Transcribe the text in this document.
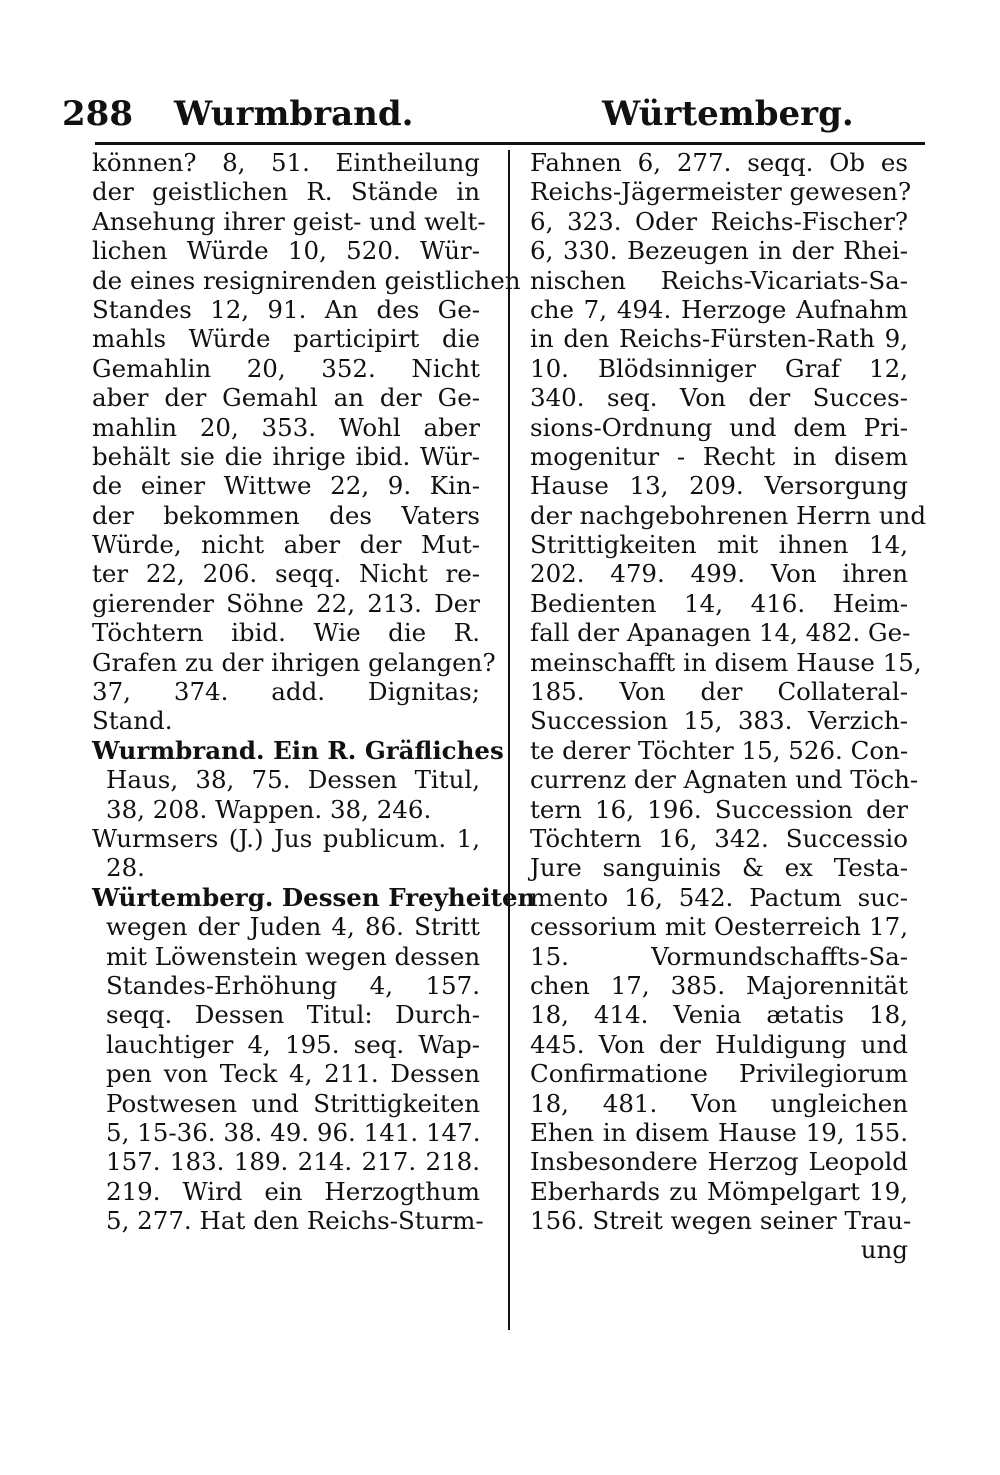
288 Wurmbrand.	Würtemberg.
können? 8, 51. Eintheilung
der geistlichen R. Stände in
Ansehung ihrer geist- und welt-
lichen Würde 10, 520. Wür-
de eines resignirenden geistlichen
Standes 12, 91. An des Ge-
mahls Würde participirt die
Gemahlin 20, 352. Nicht
aber der Gemahl an der Ge-
mahlin 20, 353. Wohl aber
behält sie die ihrige ibid. Wür-
de einer Wittwe 22, 9. Kin-
der bekommen des Vaters
Würde, nicht aber der Mut-
ter 22, 206. seqq. Nicht re-
gierender Söhne 22, 213. Der
Töchtern ibid. Wie die R.
Grafen zu der ihrigen gelangen?
37, 374. add. Dignitas;
Stand.
Wurmbrand. Ein R. Gräfliches
Haus, 38, 75. Dessen Titul,
38, 208. Wappen. 38, 246.
Wurmsers (J.) Jus publicum. 1,
28.
Würtemberg. Dessen Freyheiten
wegen der Juden 4, 86. Stritt
mit Löwenstein wegen dessen
Standes-Erhöhung 4, 157.
seqq. Dessen Titul: Durch-
lauchtiger 4, 195. seq. Wap-
pen von Teck 4, 211. Dessen
Postwesen und Strittigkeiten
5, 15-36. 38. 49. 96. 141. 147.
157. 183. 189. 214. 217. 218.
219. Wird ein Herzogthum
5, 277. Hat den Reichs-Sturm-
Fahnen 6, 277. seqq. Ob es
Reichs-Jägermeister gewesen?
6, 323. Oder Reichs-Fischer?
6, 330. Bezeugen in der Rhei-
nischen Reichs-Vicariats-Sa-
che 7, 494. Herzoge Aufnahm
in den Reichs-Fürsten-Rath 9,
10. Blödsinniger Graf 12,
340. seq. Von der Succes-
sions-Ordnung und dem Pri-
mogenitur - Recht in disem
Hause 13, 209. Versorgung
der nachgebohrenen Herrn und
Strittigkeiten mit ihnen 14,
202. 479. 499. Von ihren
Bedienten 14, 416. Heim-
fall der Apanagen 14, 482. Ge-
meinschafft in disem Hause 15,
185. Von der Collateral-
Succession 15, 383. Verzich-
te derer Töchter 15, 526. Con-
currenz der Agnaten und Töch-
tern 16, 196. Succession der
Töchtern 16, 342. Successio
Jure sanguinis & ex Testa-
mento 16, 542. Pactum suc-
cessorium mit Oesterreich 17,
15. Vormundschaffts-Sa-
chen 17, 385. Majorennität
18, 414. Venia ætatis 18,
445. Von der Huldigung und
Confirmatione Privilegiorum
18, 481. Von ungleichen
Ehen in disem Hause 19, 155.
Insbesondere Herzog Leopold
Eberhards zu Mömpelgart 19,
156. Streit wegen seiner Trau-
ung
